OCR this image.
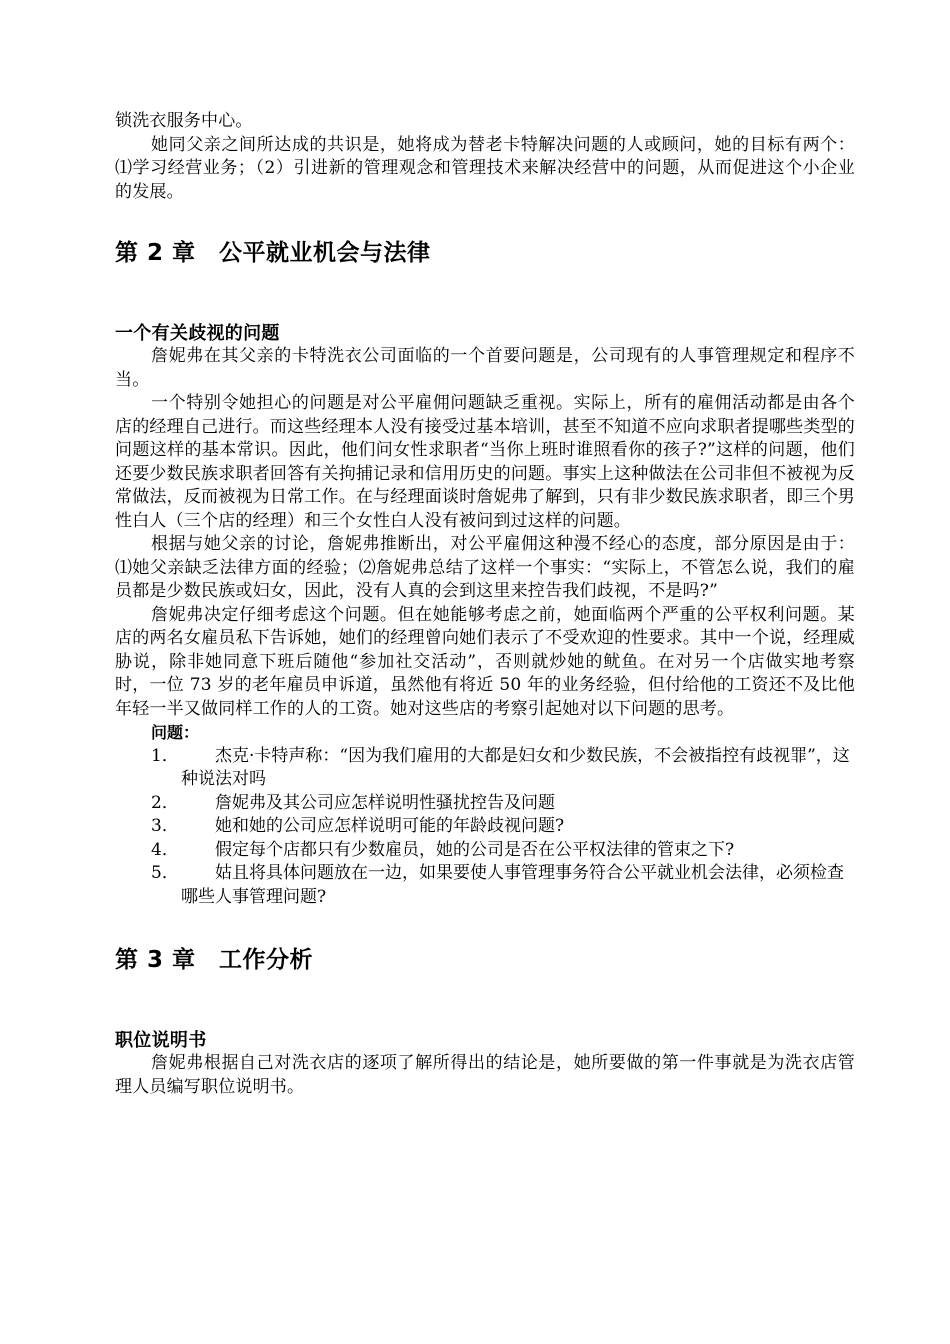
锁洗衣服务中心。

她同父亲之间所达成的共识是，她将成为替老卡特解决问题的人或顾问，她的目标有两个：⑴学习经营业务；（2）引进新的管理观念和管理技术来解决经营中的问题，从而促进这个小企业的发展。

第 2 章　公平就业机会与法律
一个有关歧视的问题

詹妮弗在其父亲的卡特洗衣公司面临的一个首要问题是，公司现有的人事管理规定和程序不当。

一个特别令她担心的问题是对公平雇佣问题缺乏重视。实际上，所有的雇佣活动都是由各个店的经理自己进行。而这些经理本人没有接受过基本培训，甚至不知道不应向求职者提哪些类型的问题这样的基本常识。因此，他们问女性求职者“当你上班时谁照看你的孩子?”这样的问题，他们还要少数民族求职者回答有关拘捕记录和信用历史的问题。事实上这种做法在公司非但不被视为反常做法，反而被视为日常工作。在与经理面谈时詹妮弗了解到，只有非少数民族求职者，即三个男性白人（三个店的经理）和三个女性白人没有被问到过这样的问题。

根据与她父亲的讨论，詹妮弗推断出，对公平雇佣这种漫不经心的态度，部分原因是由于：⑴她父亲缺乏法律方面的经验；⑵詹妮弗总结了这样一个事实：“实际上，不管怎么说，我们的雇员都是少数民族或妇女，因此，没有人真的会到这里来控告我们歧视，不是吗?”

詹妮弗决定仔细考虑这个问题。但在她能够考虑之前，她面临两个严重的公平权利问题。某店的两名女雇员私下告诉她，她们的经理曾向她们表示了不受欢迎的性要求。其中一个说，经理威胁说，除非她同意下班后随他“参加社交活动”，否则就炒她的鱿鱼。在对另一个店做实地考察时，一位 73 岁的老年雇员申诉道，虽然他有将近 50 年的业务经验，但付给他的工资还不及比他年轻一半又做同样工作的人的工资。她对这些店的考察引起她对以下问题的思考。

问题：

1．	杰克·卡特声称：“因为我们雇用的大都是妇女和少数民族，不会被指控有歧视罪”，这种说法对吗
2．	詹妮弗及其公司应怎样说明性骚扰控告及问题
3．	她和她的公司应怎样说明可能的年龄歧视问题?
4．	假定每个店都只有少数雇员，她的公司是否在公平权法律的管束之下?
5．	姑且将具体问题放在一边，如果要使人事管理事务符合公平就业机会法律，必须检查哪些人事管理问题?
第 3 章　工作分析
职位说明书

詹妮弗根据自己对洗衣店的逐项了解所得出的结论是，她所要做的第一件事就是为洗衣店管理人员编写职位说明书。
